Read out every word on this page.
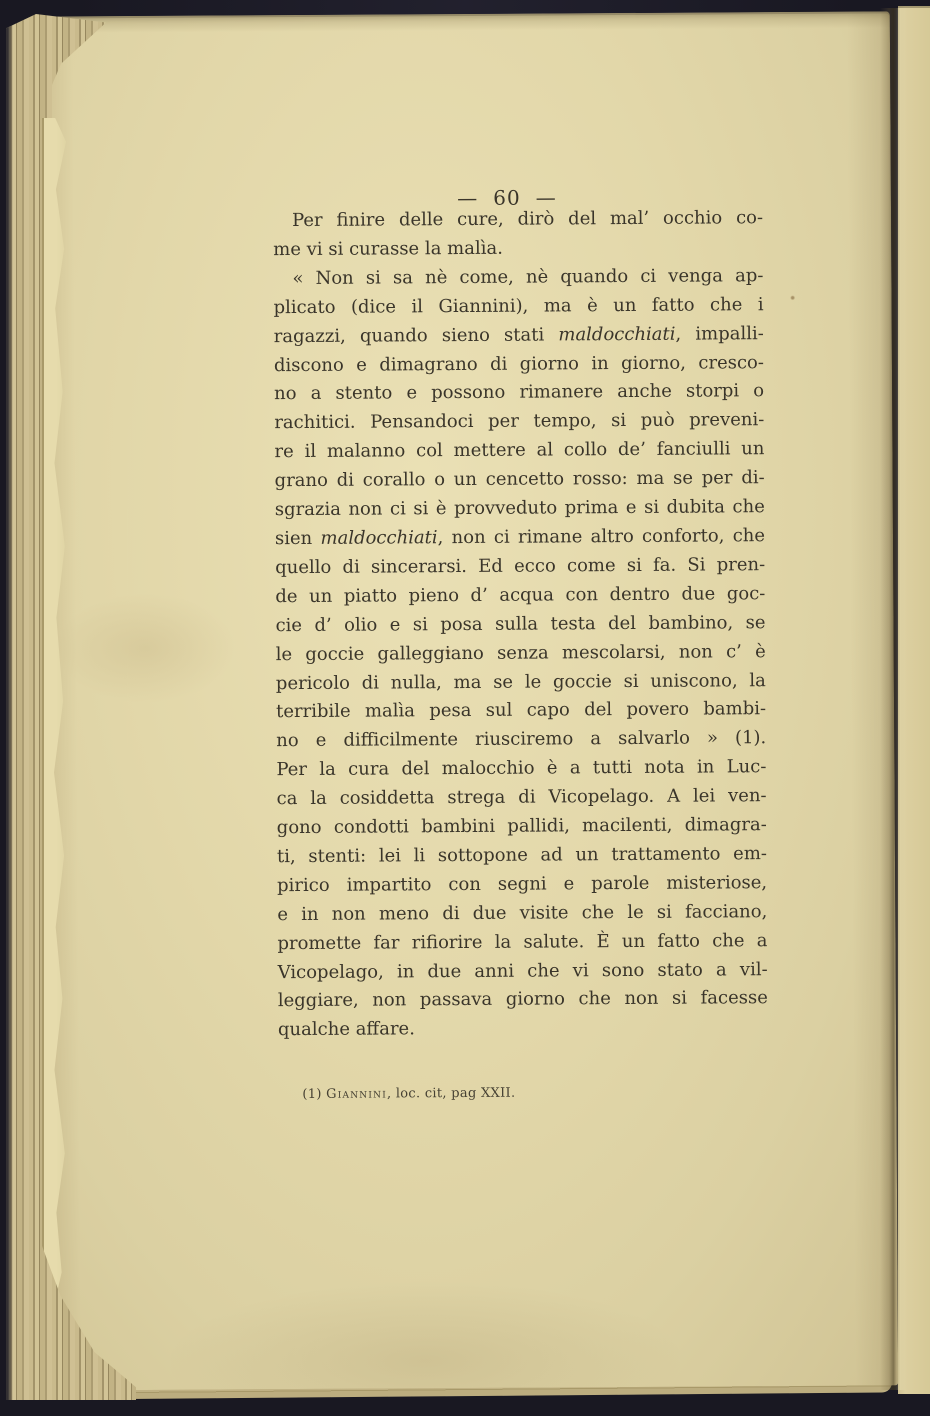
— 60 —
Per finire delle cure, dirò del mal’ occhio co-
me vi si curasse la malìa.
« Non si sa nè come, nè quando ci venga ap-
plicato (dice il Giannini), ma è un fatto che i
ragazzi, quando sieno stati maldocchiati, impalli-
discono e dimagrano di giorno in giorno, cresco-
no a stento e possono rimanere anche storpi o
rachitici. Pensandoci per tempo, si può preveni-
re il malanno col mettere al collo de’ fanciulli un
grano di corallo o un cencetto rosso: ma se per di-
sgrazia non ci si è provveduto prima e si dubita che
sien maldocchiati, non ci rimane altro conforto, che
quello di sincerarsi. Ed ecco come si fa. Si pren-
de un piatto pieno d’ acqua con dentro due goc-
cie d’ olio e si posa sulla testa del bambino, se
le goccie galleggiano senza mescolarsi, non c’ è
pericolo di nulla, ma se le goccie si uniscono, la
terribile malìa pesa sul capo del povero bambi-
no e difficilmente riusciremo a salvarlo » (1).
Per la cura del malocchio è a tutti nota in Luc-
ca la cosiddetta strega di Vicopelago. A lei ven-
gono condotti bambini pallidi, macilenti, dimagra-
ti, stenti: lei li sottopone ad un trattamento em-
pirico impartito con segni e parole misteriose,
e in non meno di due visite che le si facciano,
promette far rifiorire la salute. È un fatto che a
Vicopelago, in due anni che vi sono stato a vil-
leggiare, non passava giorno che non si facesse
qualche affare.
(1) Giannini, loc. cit, pag XXII.
